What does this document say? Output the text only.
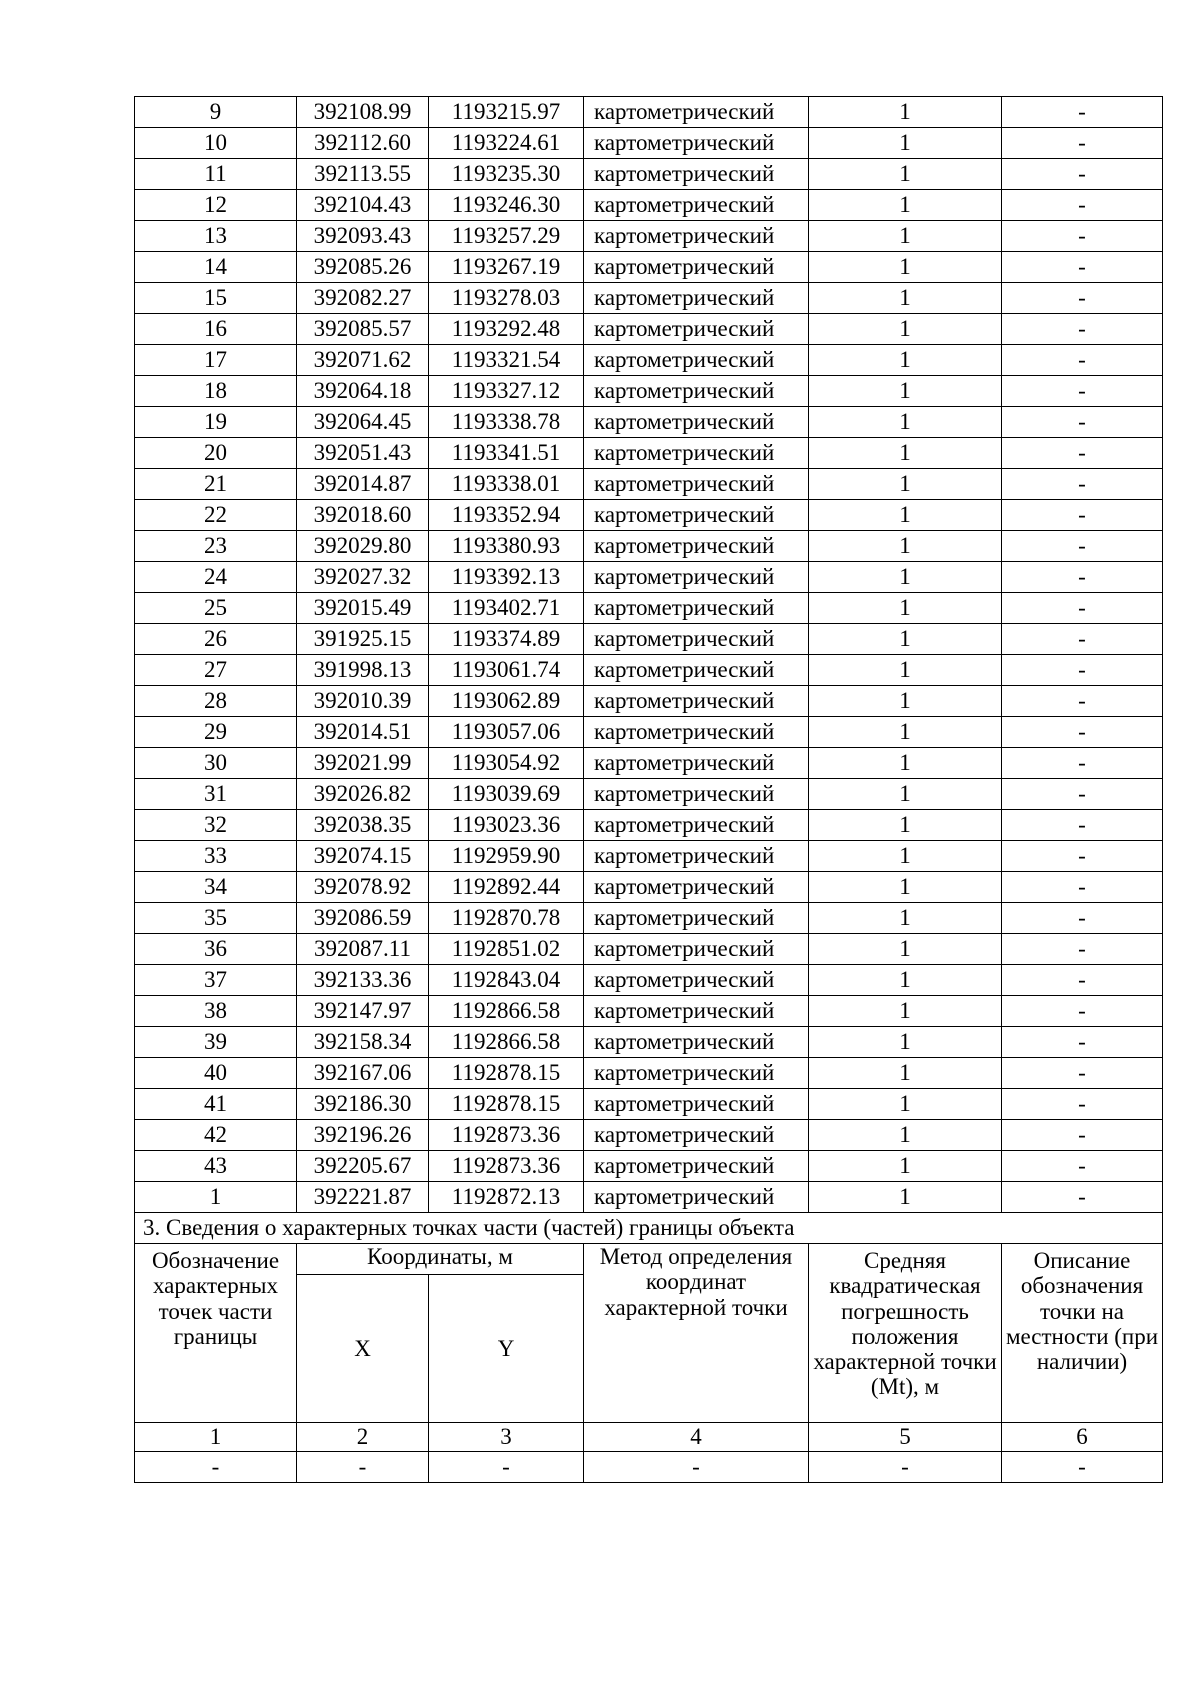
9	392108.99	1193215.97	картометрический	1	-
10	392112.60	1193224.61	картометрический	1	-
11	392113.55	1193235.30	картометрический	1	-
12	392104.43	1193246.30	картометрический	1	-
13	392093.43	1193257.29	картометрический	1	-
14	392085.26	1193267.19	картометрический	1	-
15	392082.27	1193278.03	картометрический	1	-
16	392085.57	1193292.48	картометрический	1	-
17	392071.62	1193321.54	картометрический	1	-
18	392064.18	1193327.12	картометрический	1	-
19	392064.45	1193338.78	картометрический	1	-
20	392051.43	1193341.51	картометрический	1	-
21	392014.87	1193338.01	картометрический	1	-
22	392018.60	1193352.94	картометрический	1	-
23	392029.80	1193380.93	картометрический	1	-
24	392027.32	1193392.13	картометрический	1	-
25	392015.49	1193402.71	картометрический	1	-
26	391925.15	1193374.89	картометрический	1	-
27	391998.13	1193061.74	картометрический	1	-
28	392010.39	1193062.89	картометрический	1	-
29	392014.51	1193057.06	картометрический	1	-
30	392021.99	1193054.92	картометрический	1	-
31	392026.82	1193039.69	картометрический	1	-
32	392038.35	1193023.36	картометрический	1	-
33	392074.15	1192959.90	картометрический	1	-
34	392078.92	1192892.44	картометрический	1	-
35	392086.59	1192870.78	картометрический	1	-
36	392087.11	1192851.02	картометрический	1	-
37	392133.36	1192843.04	картометрический	1	-
38	392147.97	1192866.58	картометрический	1	-
39	392158.34	1192866.58	картометрический	1	-
40	392167.06	1192878.15	картометрический	1	-
41	392186.30	1192878.15	картометрический	1	-
42	392196.26	1192873.36	картометрический	1	-
43	392205.67	1192873.36	картометрический	1	-
1	392221.87	1192872.13	картометрический	1	-
3. Сведения о характерных точках части (частей) границы объекта					
Обозначение характерных точек части границы	Координаты, м		Метод определения координат характерной точки	Средняя квадратическая погрешность положения характерной точки (Mt), м	Описание обозначения точки на местности (при наличии)
	X	Y			
1	2	3	4	5	6
-	-	-	-	-	-
